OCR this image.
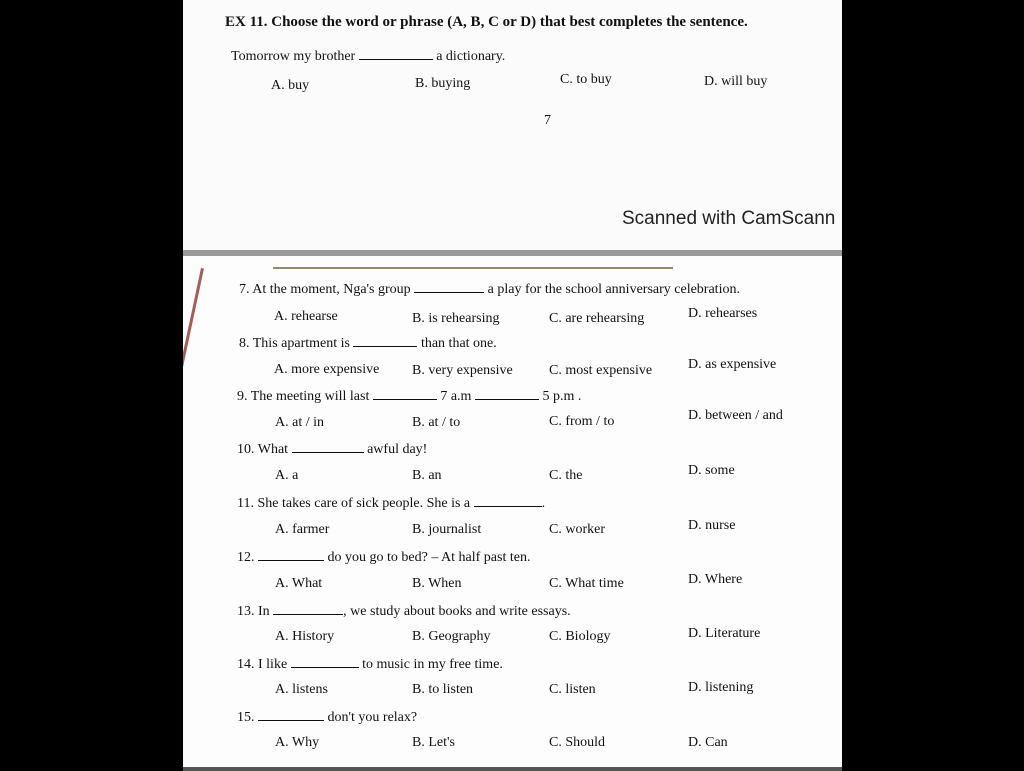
EX 11. Choose the word or phrase (A, B, C or D) that best completes the sentence.
Tomorrow my brother	a dictionary.
A. buy	B. buying	C. to buy	D. will buy
7
Scanned with CamScann
7. At the moment, Nga's group	a play for the school anniversary celebration.
A. rehearse	B. is rehearsing	C. are rehearsing	D. rehearses
8. This apartment is	than that one.
A. more expensive B. very expensive	C. most expensive	D. as expensive
9. The meeting will last	7 a.m	5 p.m .
A. at / in	B. at / to	C. from / to	D. between / and
10. What	awful day!
A. a	B. an	C. the	D. some
11. She takes care of sick people. She is a	.
A. farmer	B. journalist	C. worker	D. nurse
12.	do you go to bed? – At half past ten.
A. What	B. When	C. What time	D. Where
13. In	, we study about books and write essays.
A. History	B. Geography	C. Biology	D. Literature
14. I like	to music in my free time.
A. listens	B. to listen	C. listen	D. listening
15.	don't you relax?
A. Why	B. Let's	C. Should	D. Can
